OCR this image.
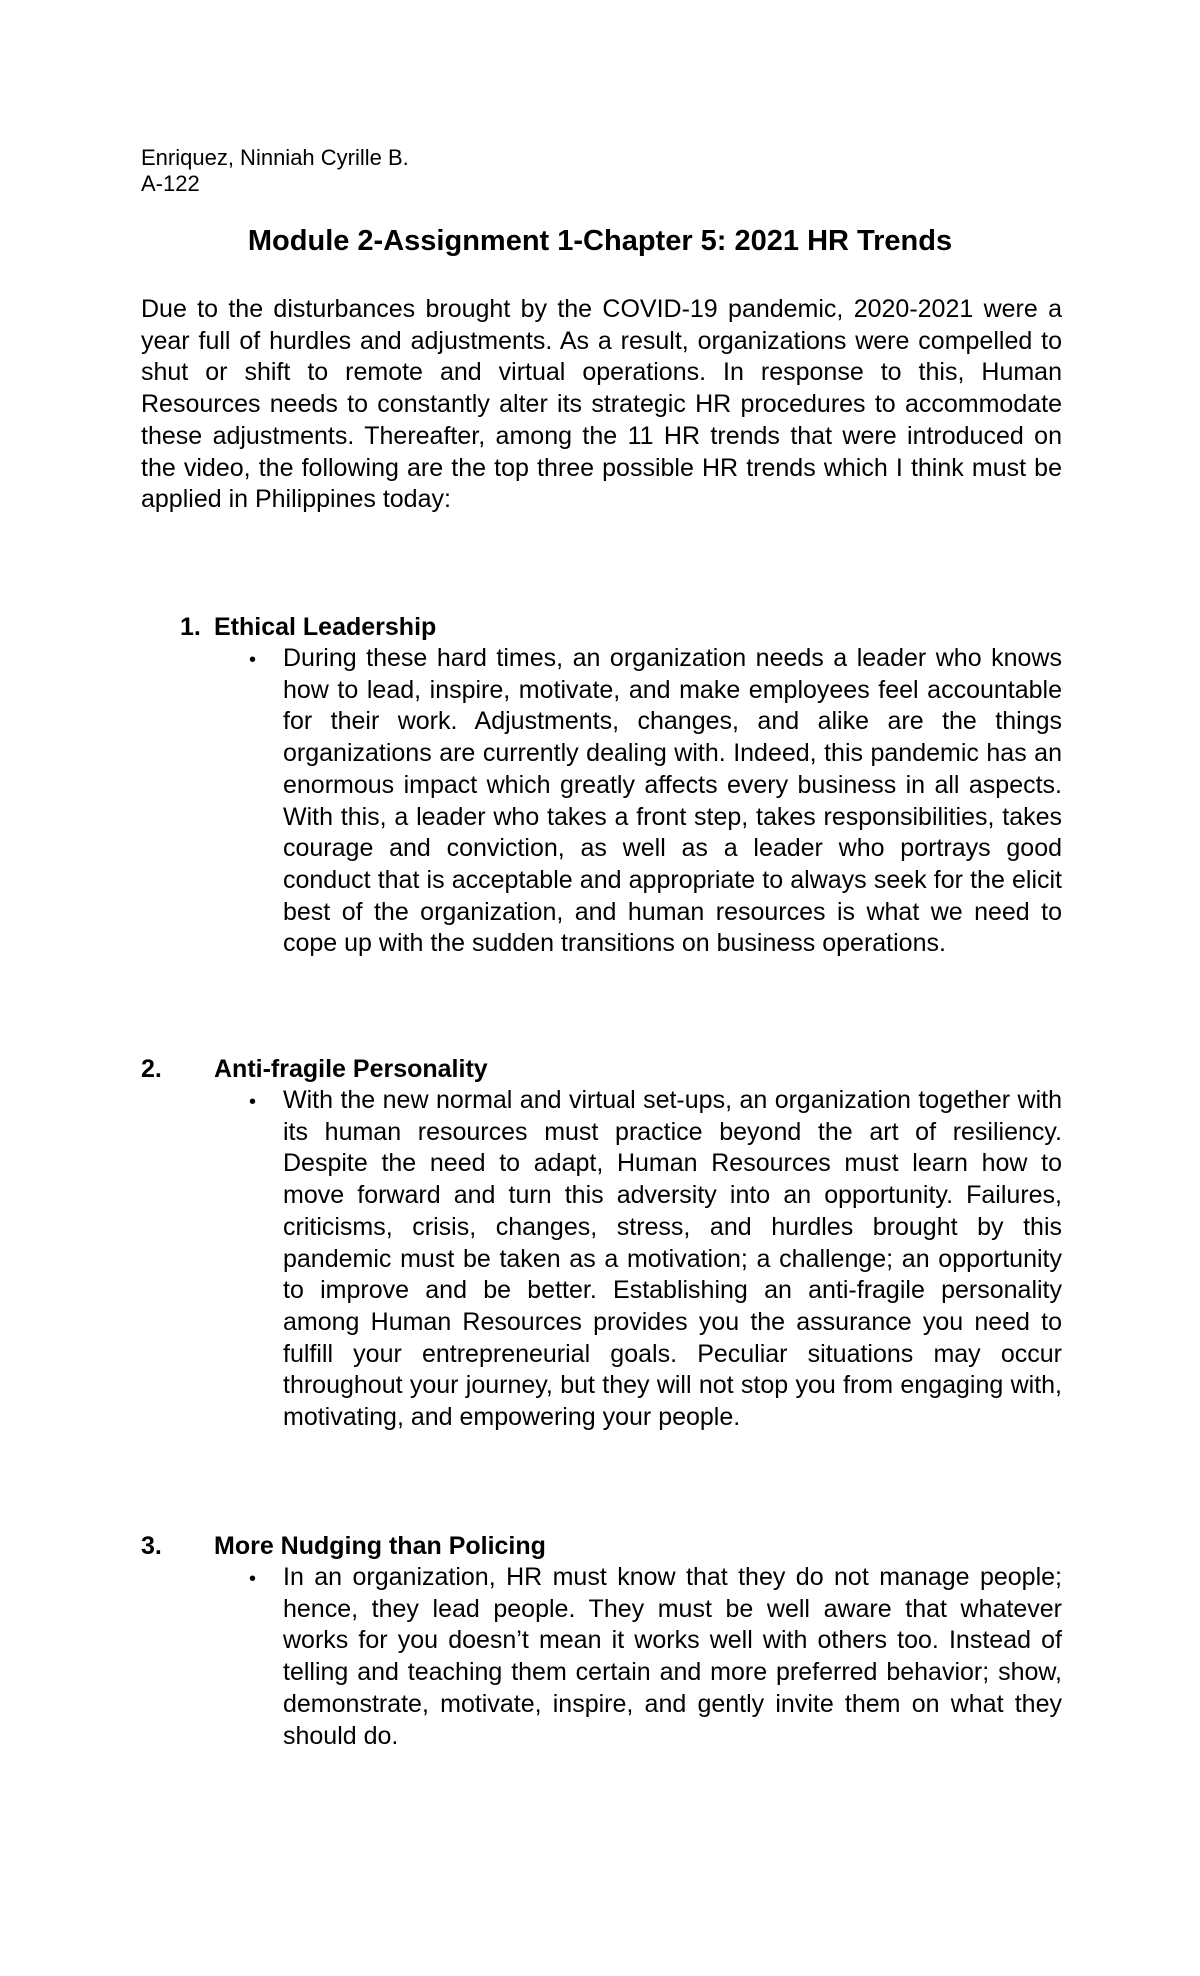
Enriquez, Ninniah Cyrille B.
A-122
Module 2-Assignment 1-Chapter 5: 2021 HR Trends

Due to the disturbances brought by the COVID-19 pandemic, 2020-2021 were a year full of hurdles and adjustments. As a result, organizations were compelled to shut or shift to remote and virtual operations. In response to this, Human Resources needs to constantly alter its strategic HR procedures to accommodate these adjustments. Thereafter, among the 11 HR trends that were introduced on the video, the following are the top three possible HR trends which I think must be applied in Philippines today:

1. Ethical Leadership
• During these hard times, an organization needs a leader who knows how to lead, inspire, motivate, and make employees feel accountable for their work. Adjustments, changes, and alike are the things organizations are currently dealing with. Indeed, this pandemic has an enormous impact which greatly affects every business in all aspects. With this, a leader who takes a front step, takes responsibilities, takes courage and conviction, as well as a leader who portrays good conduct that is acceptable and appropriate to always seek for the elicit best of the organization, and human resources is what we need to cope up with the sudden transitions on business operations.

2. Anti-fragile Personality
• With the new normal and virtual set-ups, an organization together with its human resources must practice beyond the art of resiliency. Despite the need to adapt, Human Resources must learn how to move forward and turn this adversity into an opportunity. Failures, criticisms, crisis, changes, stress, and hurdles brought by this pandemic must be taken as a motivation; a challenge; an opportunity to improve and be better. Establishing an anti-fragile personality among Human Resources provides you the assurance you need to fulfill your entrepreneurial goals. Peculiar situations may occur throughout your journey, but they will not stop you from engaging with, motivating, and empowering your people.

3. More Nudging than Policing
• In an organization, HR must know that they do not manage people; hence, they lead people. They must be well aware that whatever works for you doesn’t mean it works well with others too. Instead of telling and teaching them certain and more preferred behavior; show, demonstrate, motivate, inspire, and gently invite them on what they should do.
